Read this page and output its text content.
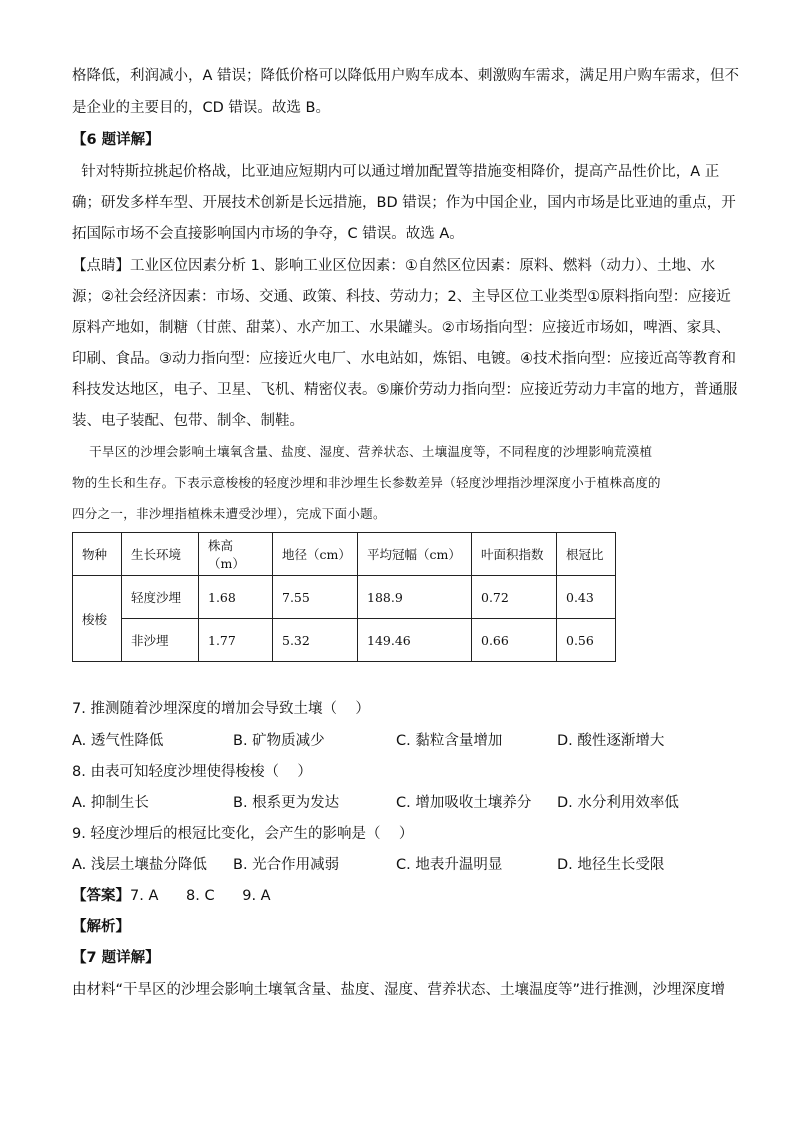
格降低，利润减小，A 错误；降低价格可以降低用户购车成本、刺激购车需求，满足用户购车需求，但不
是企业的主要目的，CD 错误。故选 B。
【6 题详解】
针对特斯拉挑起价格战，比亚迪应短期内可以通过增加配置等措施变相降价，提高产品性价比，A 正
确；研发多样车型、开展技术创新是长远措施，BD 错误；作为中国企业，国内市场是比亚迪的重点，开
拓国际市场不会直接影响国内市场的争夺，C 错误。故选 A。
【点睛】工业区位因素分析 1、影响工业区位因素：①自然区位因素：原料、燃料（动力）、土地、水
源；②社会经济因素：市场、交通、政策、科技、劳动力；2、主导区位工业类型①原料指向型：应接近
原料产地如，制糖（甘蔗、甜菜）、水产加工、水果罐头。②市场指向型：应接近市场如，啤酒、家具、
印刷、食品。③动力指向型：应接近火电厂、水电站如，炼铝、电镀。④技术指向型：应接近高等教育和
科技发达地区，电子、卫星、飞机、精密仪表。⑤廉价劳动力指向型：应接近劳动力丰富的地方，普通服
装、电子装配、包带、制伞、制鞋。
干旱区的沙埋会影响土壤氧含量、盐度、湿度、营养状态、土壤温度等，不同程度的沙埋影响荒漠植
物的生长和生存。下表示意梭梭的轻度沙埋和非沙埋生长参数差异（轻度沙埋指沙埋深度小于植株高度的
四分之一，非沙埋指植株未遭受沙埋），完成下面小题。
物种	生长环境	株高（m）	地径（cm）	平均冠幅（cm）	叶面积指数	根冠比
梭梭	轻度沙埋	1.68	7.55	188.9	0.72	0.43
	非沙埋	1.77	5.32	149.46	0.66	0.56
7. 推测随着沙埋深度的增加会导致土壤（    ）
A. 透气性降低	B. 矿物质减少	C. 黏粒含量增加	D. 酸性逐渐增大
8. 由表可知轻度沙埋使得梭梭（    ）
A. 抑制生长	B. 根系更为发达	C. 增加吸收土壤养分 D. 水分利用效率低
9. 轻度沙埋后的根冠比变化，会产生的影响是（    ）
A. 浅层土壤盐分降低 B. 光合作用减弱	C. 地表升温明显	D. 地径生长受限
【答案】7. A      8. C      9. A
【解析】
【7 题详解】
由材料“干旱区的沙埋会影响土壤氧含量、盐度、湿度、营养状态、土壤温度等”进行推测，沙埋深度增
